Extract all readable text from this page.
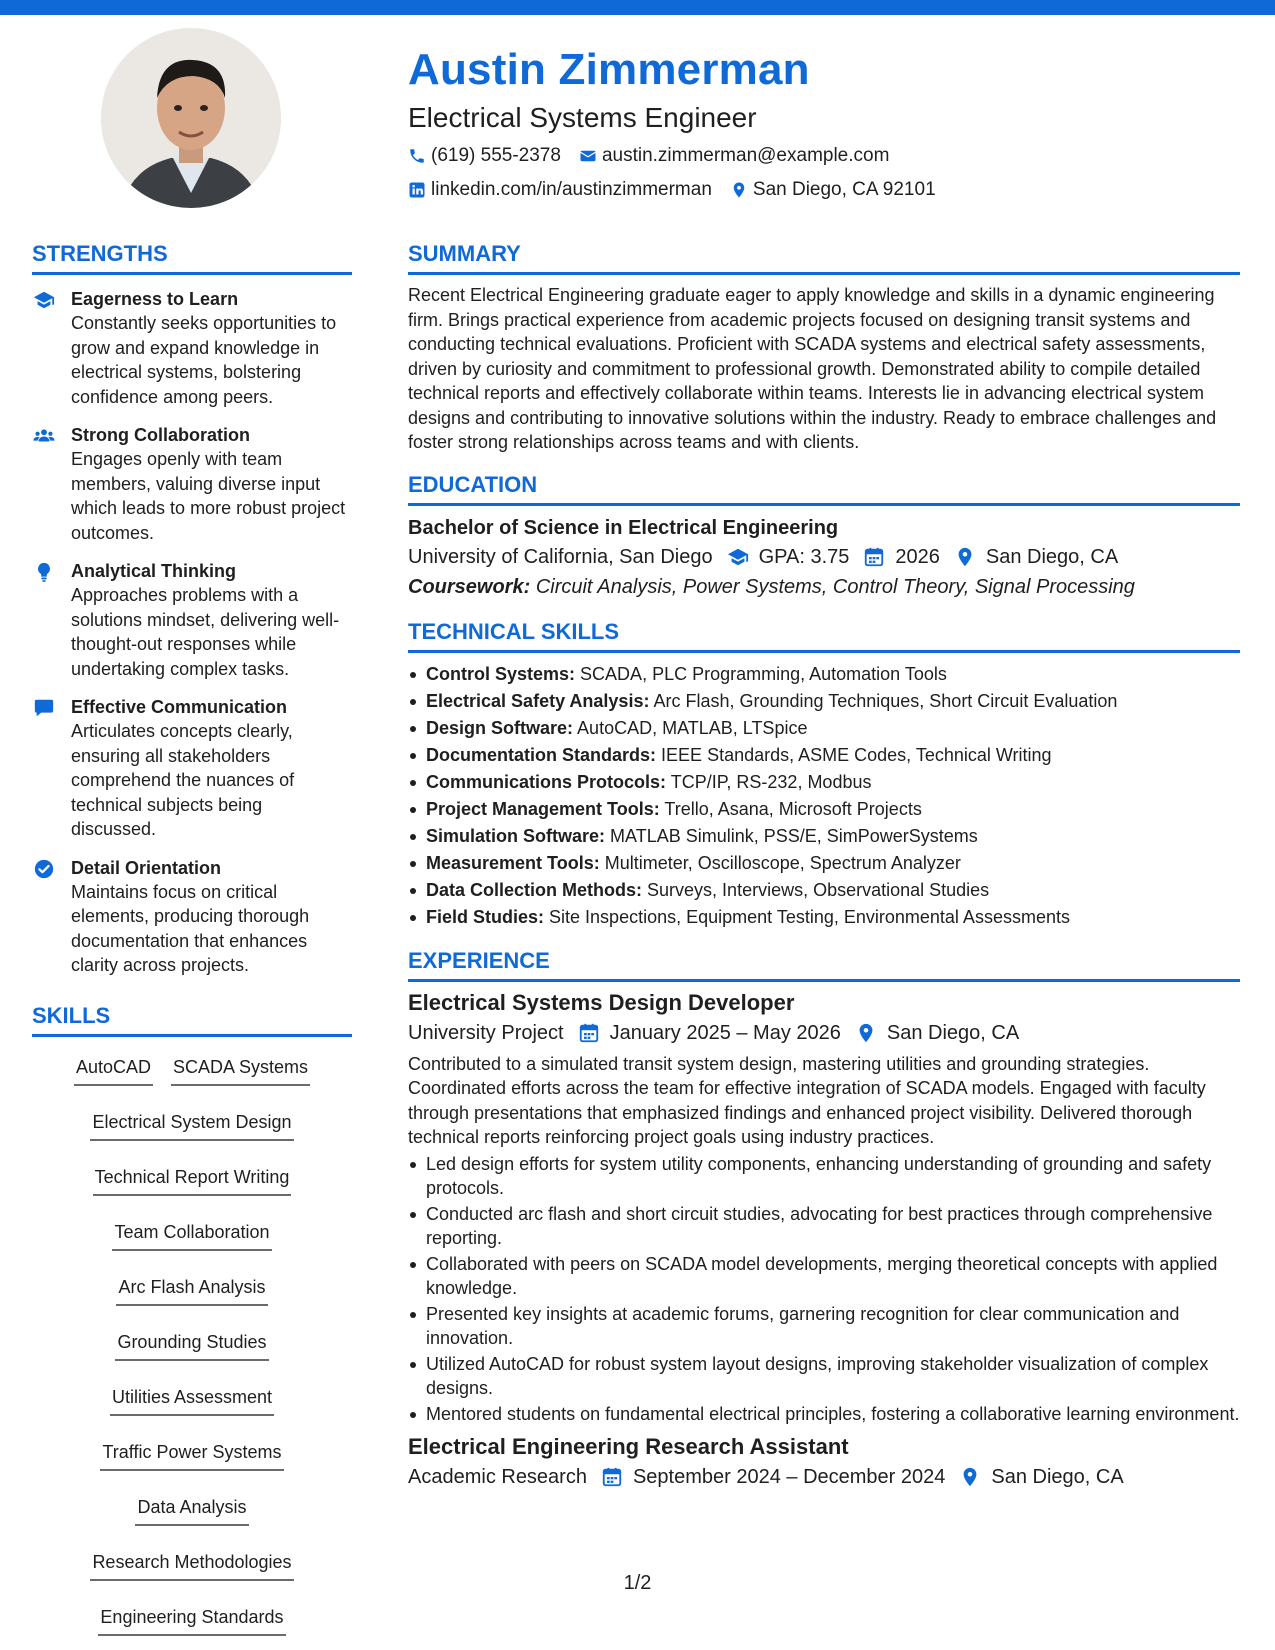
Austin Zimmerman
Electrical Systems Engineer
(619) 555-2378 austin.zimmerman@example.com
linkedin.com/in/austinzimmerman San Diego, CA 92101
STRENGTHS
Eagerness to Learn
Constantly seeks opportunities to grow and expand knowledge in electrical systems, bolstering confidence among peers.
Strong Collaboration
Engages openly with team members, valuing diverse input which leads to more robust project outcomes.
Analytical Thinking
Approaches problems with a solutions mindset, delivering well-thought-out responses while undertaking complex tasks.
Effective Communication
Articulates concepts clearly, ensuring all stakeholders comprehend the nuances of technical subjects being discussed.
Detail Orientation
Maintains focus on critical elements, producing thorough documentation that enhances clarity across projects.
SKILLS
AutoCAD SCADA Systems
Electrical System Design
Technical Report Writing
Team Collaboration
Arc Flash Analysis
Grounding Studies
Utilities Assessment
Traffic Power Systems
Data Analysis
Research Methodologies
Engineering Standards
SUMMARY
Recent Electrical Engineering graduate eager to apply knowledge and skills in a dynamic engineering firm. Brings practical experience from academic projects focused on designing transit systems and conducting technical evaluations. Proficient with SCADA systems and electrical safety assessments, driven by curiosity and commitment to professional growth. Demonstrated ability to compile detailed technical reports and effectively collaborate within teams. Interests lie in advancing electrical system designs and contributing to innovative solutions within the industry. Ready to embrace challenges and foster strong relationships across teams and with clients.
EDUCATION
Bachelor of Science in Electrical Engineering
University of California, San Diego GPA: 3.75 2026 San Diego, CA
Coursework: Circuit Analysis, Power Systems, Control Theory, Signal Processing
TECHNICAL SKILLS
Control Systems: SCADA, PLC Programming, Automation Tools
Electrical Safety Analysis: Arc Flash, Grounding Techniques, Short Circuit Evaluation
Design Software: AutoCAD, MATLAB, LTSpice
Documentation Standards: IEEE Standards, ASME Codes, Technical Writing
Communications Protocols: TCP/IP, RS-232, Modbus
Project Management Tools: Trello, Asana, Microsoft Projects
Simulation Software: MATLAB Simulink, PSS/E, SimPowerSystems
Measurement Tools: Multimeter, Oscilloscope, Spectrum Analyzer
Data Collection Methods: Surveys, Interviews, Observational Studies
Field Studies: Site Inspections, Equipment Testing, Environmental Assessments
EXPERIENCE
Electrical Systems Design Developer
University Project January 2025 – May 2026 San Diego, CA
Contributed to a simulated transit system design, mastering utilities and grounding strategies. Coordinated efforts across the team for effective integration of SCADA models. Engaged with faculty through presentations that emphasized findings and enhanced project visibility. Delivered thorough technical reports reinforcing project goals using industry practices.
Led design efforts for system utility components, enhancing understanding of grounding and safety protocols.
Conducted arc flash and short circuit studies, advocating for best practices through comprehensive reporting.
Collaborated with peers on SCADA model developments, merging theoretical concepts with applied knowledge.
Presented key insights at academic forums, garnering recognition for clear communication and innovation.
Utilized AutoCAD for robust system layout designs, improving stakeholder visualization of complex designs.
Mentored students on fundamental electrical principles, fostering a collaborative learning environment.
Electrical Engineering Research Assistant
Academic Research September 2024 – December 2024 San Diego, CA
1/2
